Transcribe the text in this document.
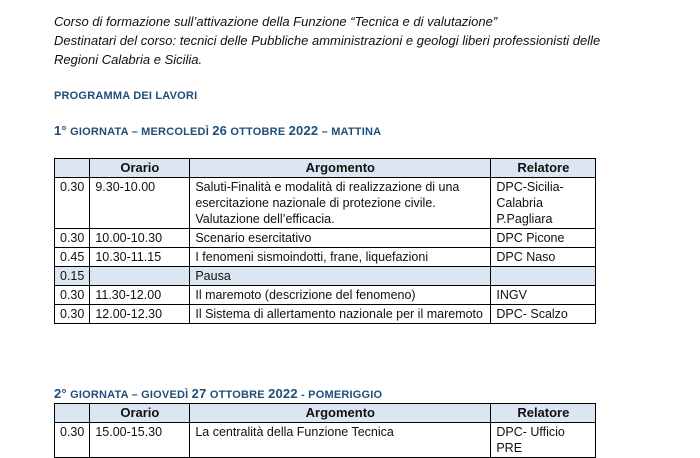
Corso di formazione sull’attivazione della Funzione “Tecnica e di valutazione”

Destinatari del corso: tecnici delle Pubbliche amministrazioni e geologi liberi professionisti delle

Regioni Calabria e Sicilia.

PROGRAMMA DEI LAVORI
1° GIORNATA – MERCOLEDÌ 26 OTTOBRE 2022 – MATTINA
	Orario	Argomento	Relatore
0.30	9.30-10.00	Saluti-Finalità e modalità di realizzazione di una esercitazione nazionale di protezione civile. Valutazione dell’efficacia.	DPC-Sicilia-
Calabria
P.Pagliara

0.30	10.00-10.30	Scenario esercitativo	DPC Picone
0.45	10.30-11.15	I fenomeni sismoindotti, frane, liquefazioni	DPC Naso
0.15		Pausa	
0.30	11.30-12.00	Il maremoto (descrizione del fenomeno)	INGV
0.30	12.00-12.30	Il Sistema di allertamento nazionale per il maremoto	DPC- Scalzo
2° GIORNATA – GIOVEDÌ 27 OTTOBRE 2022 - POMERIGGIO
	Orario	Argomento	Relatore
0.30	15.00-15.30	La centralità della Funzione Tecnica	DPC- Ufficio PRE
